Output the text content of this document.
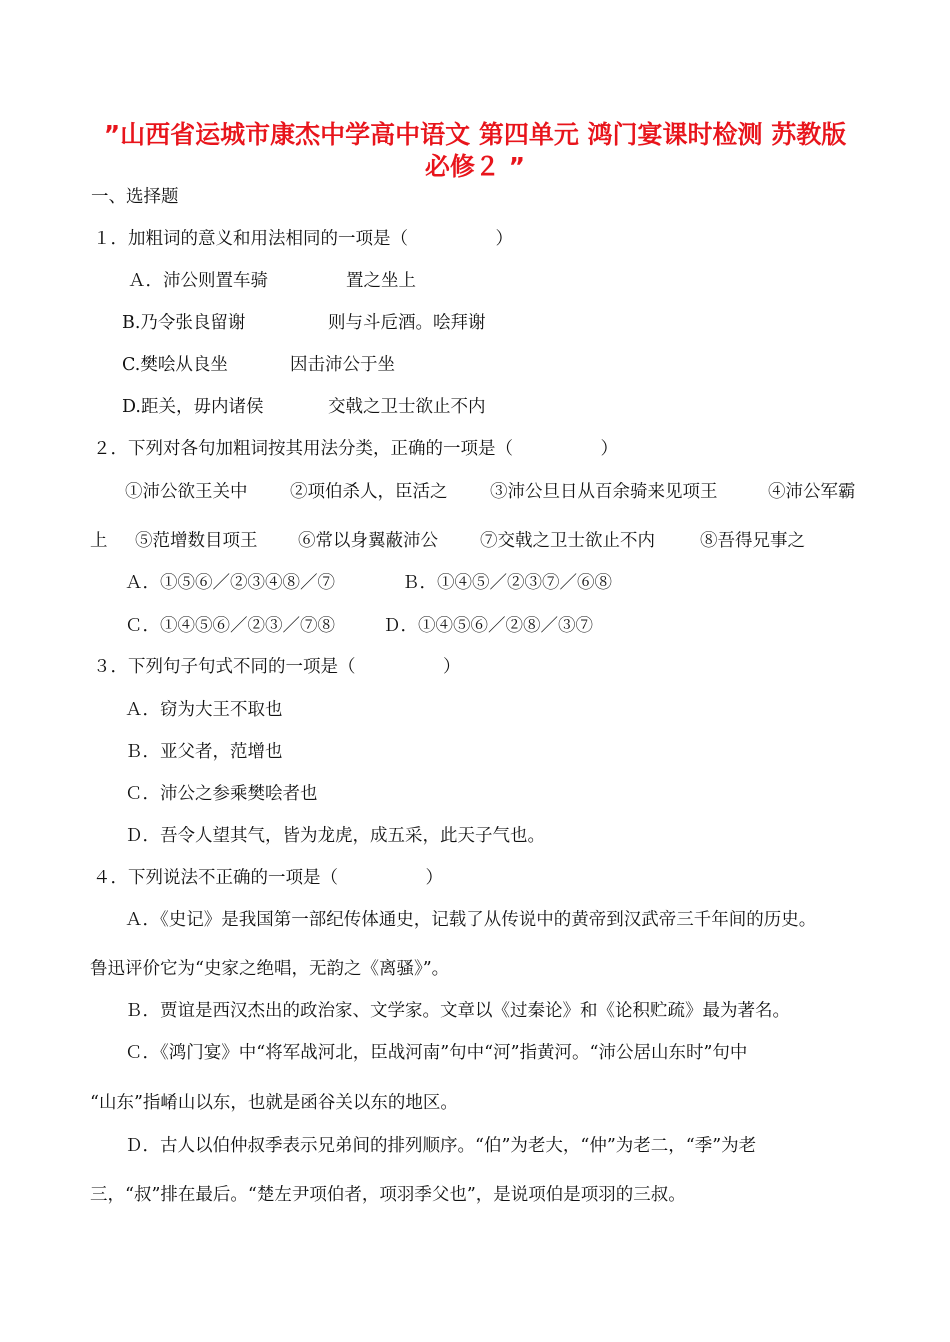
”山西省运城市康杰中学高中语文 第四单元 鸿门宴课时检测 苏教版
必修２ ”
一、选择题
１．加粗词的意义和用法相同的一项是（　　　　　）
Ａ．沛公则置车骑	置之坐上
B.乃令张良留谢	则与斗卮酒。哙拜谢
C.樊哙从良坐	因击沛公于坐
D.距关，毋内诸侯	交戟之卫士欲止不内
２．下列对各句加粗词按其用法分类，正确的一项是（　　　　　）
①沛公欲王关中 ②项伯杀人，臣活之 ③沛公旦日从百余骑来见项王	④沛公军霸
上 ⑤范增数目项王 ⑥常以身翼蔽沛公 ⑦交戟之卫士欲止不内	⑧吾得兄事之
Ａ．①⑤⑥／②③④⑧／⑦	Ｂ．①④⑤／②③⑦／⑥⑧
Ｃ．①④⑤⑥／②③／⑦⑧	Ｄ．①④⑤⑥／②⑧／③⑦
３．下列句子句式不同的一项是（　　　　　）
Ａ．窃为大王不取也
Ｂ．亚父者，范增也
Ｃ．沛公之参乘樊哙者也
Ｄ．吾令人望其气，皆为龙虎，成五采，此天子气也。
４．下列说法不正确的一项是（　　　　　）
Ａ．《史记》是我国第一部纪传体通史，记载了从传说中的黄帝到汉武帝三千年间的历史。
鲁迅评价它为“史家之绝唱，无韵之《离骚》”。
Ｂ．贾谊是西汉杰出的政治家、文学家。文章以《过秦论》和《论积贮疏》最为著名。
Ｃ．《鸿门宴》中“将军战河北，臣战河南”句中“河”指黄河。“沛公居山东时”句中
“山东”指崤山以东，也就是函谷关以东的地区。
Ｄ．古人以伯仲叔季表示兄弟间的排列顺序。“伯”为老大，“仲”为老二，“季”为老
三，“叔”排在最后。“楚左尹项伯者，项羽季父也”，是说项伯是项羽的三叔。
